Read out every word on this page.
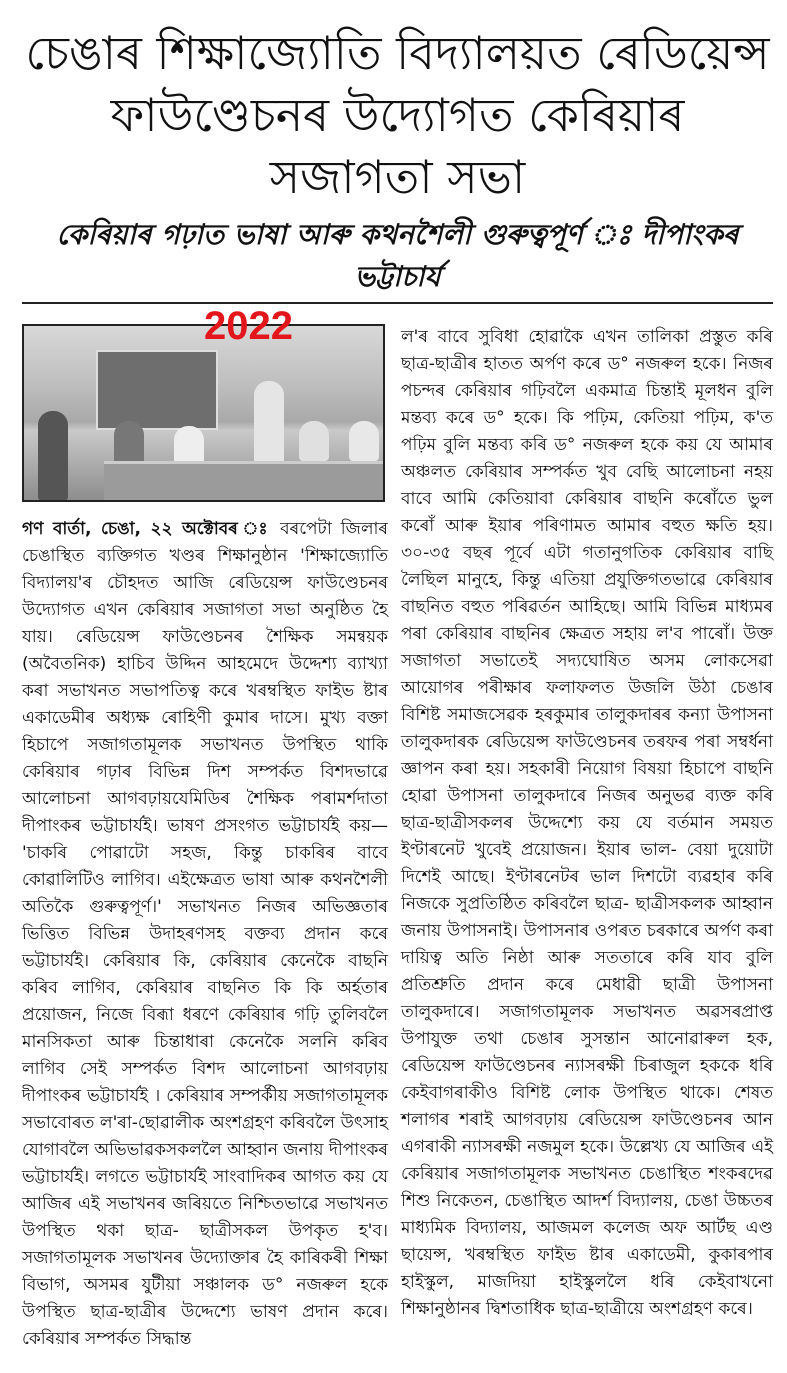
চেঙাৰ শিক্ষাজ্যোতি বিদ্যালয়ত ৰেডিয়েন্স
ফাউণ্ডেচনৰ উদ্যোগত কেৰিয়াৰ সজাগতা সভা
কেৰিয়াৰ গঢ়াত ভাষা আৰু কথনশৈলী গুৰুত্বপূৰ্ণ ঃ দীপাংকৰ ভট্টাচাৰ্য
2022
গণ বাৰ্তা, চেঙা, ২২ অক্টোবৰ ঃ বৰপেটা জিলাৰ চেঙাস্থিত ব্যক্তিগত খণ্ডৰ শিক্ষানুষ্ঠান 'শিক্ষাজ্যোতি বিদ্যালয়'ৰ চৌহদত আজি ৰেডিয়েন্স ফাউণ্ডেচনৰ উদ্যোগত এখন কেৰিয়াৰ সজাগতা সভা অনুষ্ঠিত হৈ যায়। ৰেডিয়েন্স ফাউণ্ডেচনৰ শৈক্ষিক সমন্বয়ক (অবৈতনিক) হাচিব উদ্দিন আহমেদে উদ্দেশ্য ব্যাখ্যা কৰা সভাখনত সভাপতিত্ব কৰে খৰম্বস্থিত ফাইভ ষ্টাৰ একাডেমীৰ অধ্যক্ষ ৰোহিণী কুমাৰ দাসে। মুখ্য বক্তা হিচাপে সজাগতামূলক সভাখনত উপস্থিত থাকি কেৰিয়াৰ গঢ়াৰ বিভিন্ন দিশ সম্পৰ্কত বিশদভাৱে আলোচনা আগবঢ়ায়যেমিডিৰ শৈক্ষিক পৰামৰ্শদাতা দীপাংকৰ ভট্টাচাৰ্যই। ভাষণ প্ৰসংগত ভট্টাচাৰ্যই কয়— 'চাকৰি পোৱাটো সহজ, কিন্তু চাকৰিৰ বাবে কোৱালিটিও লাগিব। এইক্ষেত্ৰত ভাষা আৰু কথনশৈলী অতিকৈ গুৰুত্বপূৰ্ণ।' সভাখনত নিজৰ অভিজ্ঞতাৰ ভিত্তিত বিভিন্ন উদাহৰণসহ বক্তব্য প্ৰদান কৰে ভট্টাচাৰ্যই। কেৰিয়াৰ কি, কেৰিয়াৰ কেনেকৈ বাছনি কৰিব লাগিব, কেৰিয়াৰ বাছনিত কি কি অৰ্হতাৰ প্ৰয়োজন, নিজে বিৰূা ধৰণে কেৰিয়াৰ গঢ়ি তুলিবলৈ মানসিকতা আৰু চিন্তাধাৰা কেনেকৈ সলনি কৰিব লাগিব সেই সম্পৰ্কত বিশদ আলোচনা আগবঢ়ায় দীপাংকৰ ভট্টাচাৰ্যই । কেৰিয়াৰ সম্পৰ্কীয় সজাগতামূলক সভাবোৰত ল'ৰা-ছোৱালীক অংশগ্ৰহণ কৰিবলৈ উৎসাহ যোগাবলৈ অভিভাৱকসকললৈ আহ্বান জনায় দীপাংকৰ ভট্টাচাৰ্যই। লগতে ভট্টাচাৰ্যই সাংবাদিকৰ আগত কয় যে আজিৰ এই সভাখনৰ জৰিয়তে নিশ্চিতভাৱে সভাখনত উপস্থিত থকা ছাত্ৰ- ছাত্ৰীসকল উপকৃত হ'ব। সজাগতামূলক সভাখনৰ উদ্যোক্তাৰ হৈ কাৰিকৰী শিক্ষা বিভাগ, অসমৰ যুটীয়া সঞ্চালক ড° নজৰুল হকে উপস্থিত ছাত্ৰ-ছাত্ৰীৰ উদ্দেশ্যে ভাষণ প্ৰদান কৰে। কেৰিয়াৰ সম্পৰ্কত সিদ্ধান্ত
ল'ৰ বাবে সুবিধা হোৱাকৈ এখন তালিকা প্ৰস্তুত কৰি ছাত্ৰ-ছাত্ৰীৰ হাতত অৰ্পণ কৰে ড° নজৰুল হকে। নিজৰ পচন্দৰ কেৰিয়াৰ গঢ়িবলৈ একমাত্ৰ চিন্তাই মূলধন বুলি মন্তব্য কৰে ড° হকে। কি পঢ়িম, কেতিয়া পঢ়িম, ক'ত পঢ়িম বুলি মন্তব্য কৰি ড° নজৰুল হকে কয় যে আমাৰ অঞ্চলত কেৰিয়াৰ সম্পৰ্কত খুব বেছি আলোচনা নহয় বাবে আমি কেতিয়াবা কেৰিয়াৰ বাছনি কৰোঁতে ভুল কৰোঁ আৰু ইয়াৰ পৰিণামত আমাৰ বহুত ক্ষতি হয়। ৩০-৩৫ বছৰ পূৰ্বে এটা গতানুগতিক কেৰিয়াৰ বাছি লৈছিল মানুহে, কিন্তু এতিয়া প্ৰযুক্তিগতভাৱে কেৰিয়াৰ বাছনিত বহুত পৰিৱৰ্তন আহিছে। আমি বিভিন্ন মাধ্যমৰ পৰা কেৰিয়াৰ বাছনিৰ ক্ষেত্ৰত সহায় ল'ব পাৰোঁ। উক্ত সজাগতা সভাতেই সদ্যঘোষিত অসম লোকসেৱা আয়োগৰ পৰীক্ষাৰ ফলাফলত উজলি উঠা চেঙাৰ বিশিষ্ট সমাজসেৱক হৰকুমাৰ তালুকদাৰৰ কন্যা উপাসনা তালুকদাৰক ৰেডিয়েন্স ফাউণ্ডেচনৰ তৰফৰ পৰা সম্বৰ্ধনা জ্ঞাপন কৰা হয়। সহকাৰী নিয়োগ বিষয়া হিচাপে বাছনি হোৱা উপাসনা তালুকদাৰে নিজৰ অনুভৱ ব্যক্ত কৰি ছাত্ৰ-ছাত্ৰীসকলৰ উদ্দেশ্যে কয় যে বৰ্তমান সময়ত ইণ্টাৰনেট খুবেই প্ৰয়োজন। ইয়াৰ ভাল- বেয়া দুয়োটা দিশেই আছে। ইণ্টাৰনেটৰ ভাল দিশটো ব্যৱহাৰ কৰি নিজকে সুপ্ৰতিষ্ঠিত কৰিবলৈ ছাত্ৰ- ছাত্ৰীসকলক আহ্বান জনায় উপাসনাই। উপাসনাৰ ওপৰত চৰকাৰে অৰ্পণ কৰা দায়িত্ব অতি নিষ্ঠা আৰু সততাৰে কৰি যাব বুলি প্ৰতিশ্ৰুতি প্ৰদান কৰে মেধাৱী ছাত্ৰী উপাসনা তালুকদাৰে। সজাগতামূলক সভাখনত অৱসৰপ্ৰাপ্ত উপাযুক্ত তথা চেঙাৰ সুসন্তান আনোৱাৰুল হক, ৰেডিয়েন্স ফাউণ্ডেচনৰ ন্যাসৰক্ষী চিৰাজুল হককে ধৰি কেইবাগৰাকীও বিশিষ্ট লোক উপস্থিত থাকে। শেষত শলাগৰ শৰাই আগবঢ়ায় ৰেডিয়েন্স ফাউণ্ডেচনৰ আন এগৰাকী ন্যাসৰক্ষী নজমুল হকে। উল্লেখ্য যে আজিৰ এই কেৰিয়াৰ সজাগতামূলক সভাখনত চেঙাস্থিত শংকৰদেৱ শিশু নিকেতন, চেঙাস্থিত আদৰ্শ বিদ্যালয়, চেঙা উচ্চতৰ মাধ্যমিক বিদ্যালয়, আজমল কলেজ অফ আৰ্টছ এণ্ড ছায়েন্স, খৰম্বস্থিত ফাইভ ষ্টাৰ একাডেমী, কুকাৰপাৰ হাইস্কুল, মাজদিয়া হাইস্কুললৈ ধৰি কেইবাখনো শিক্ষানুষ্ঠানৰ দ্বিশতাধিক ছাত্ৰ-ছাত্ৰীয়ে অংশগ্ৰহণ কৰে।
